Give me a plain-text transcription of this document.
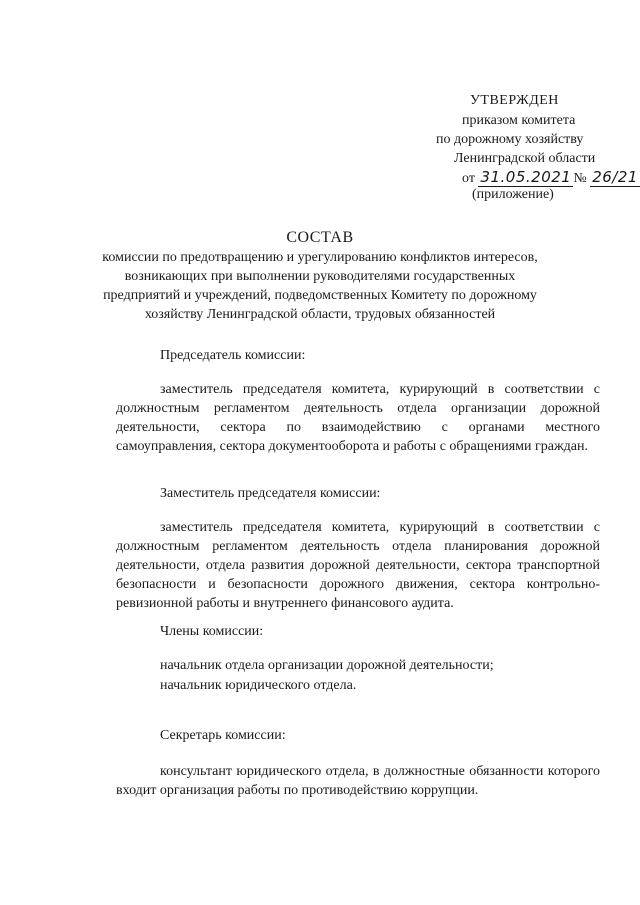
УТВЕРЖДЕН
приказом комитета
по дорожному хозяйству
Ленинградской области
от 31.05.2021 № 26/21
(приложение)
СОСТАВ
комиссии по предотвращению и урегулированию конфликтов интересов,
возникающих при выполнении руководителями государственных
предприятий и учреждений, подведомственных Комитету по дорожному
хозяйству Ленинградской области, трудовых обязанностей
Председатель комиссии:

заместитель председателя комитета, курирующий в соответствии с должностным регламентом деятельность отдела организации дорожной деятельности, сектора по взаимодействию с органами местного самоуправления, сектора документооборота и работы с обращениями граждан.

Заместитель председателя комиссии:

заместитель председателя комитета, курирующий в соответствии с должностным регламентом деятельность отдела планирования дорожной деятельности, отдела развития дорожной деятельности, сектора транспортной безопасности и безопасности дорожного движения, сектора контрольно-ревизионной работы и внутреннего финансового аудита.

Члены комиссии:
начальник отдела организации дорожной деятельности;
начальник юридического отдела.
Секретарь комиссии:

консультант юридического отдела, в должностные обязанности которого входит организация работы по противодействию коррупции.
